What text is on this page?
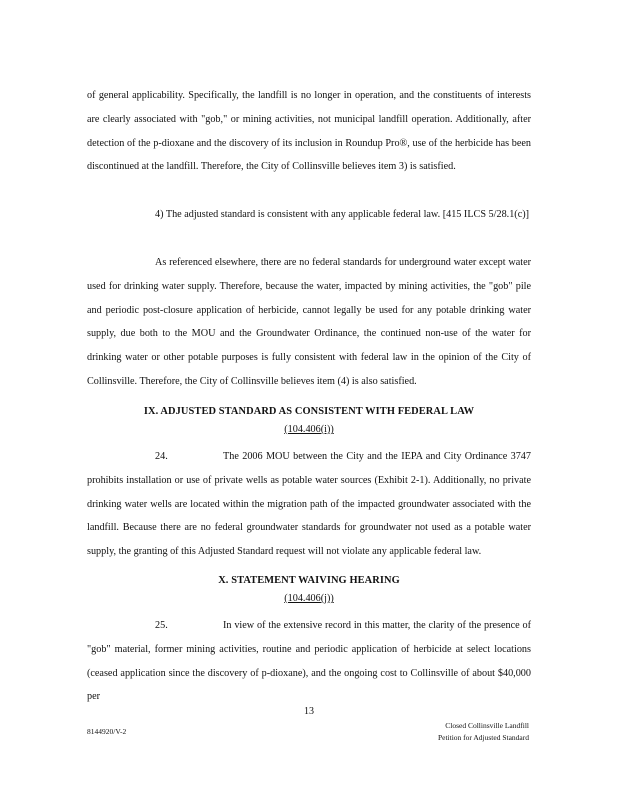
of general applicability. Specifically, the landfill is no longer in operation, and the constituents of interests are clearly associated with "gob," or mining activities, not municipal landfill operation. Additionally, after detection of the p-dioxane and the discovery of its inclusion in Roundup Pro®, use of the herbicide has been discontinued at the landfill. Therefore, the City of Collinsville believes item 3) is satisfied.

4) The adjusted standard is consistent with any applicable federal law. [415 ILCS 5/28.1(c)]

As referenced elsewhere, there are no federal standards for underground water except water used for drinking water supply. Therefore, because the water, impacted by mining activities, the "gob" pile and periodic post-closure application of herbicide, cannot legally be used for any potable drinking water supply, due both to the MOU and the Groundwater Ordinance, the continued non-use of the water for drinking water or other potable purposes is fully consistent with federal law in the opinion of the City of Collinsville. Therefore, the City of Collinsville believes item (4) is also satisfied.

IX. ADJUSTED STANDARD AS CONSISTENT WITH FEDERAL LAW

(104.406(i))

24.	The 2006 MOU between the City and the IEPA and City Ordinance 3747 prohibits installation or use of private wells as potable water sources (Exhibit 2-1). Additionally, no private drinking water wells are located within the migration path of the impacted groundwater associated with the landfill. Because there are no federal groundwater standards for groundwater not used as a potable water supply, the granting of this Adjusted Standard request will not violate any applicable federal law.

X. STATEMENT WAIVING HEARING

(104.406(j))

25.	In view of the extensive record in this matter, the clarity of the presence of "gob" material, former mining activities, routine and periodic application of herbicide at select locations (ceased application since the discovery of p-dioxane), and the ongoing cost to Collinsville of about $40,000 per

13
8144920/V-2
Closed Collinsville Landfill
Petition for Adjusted Standard
